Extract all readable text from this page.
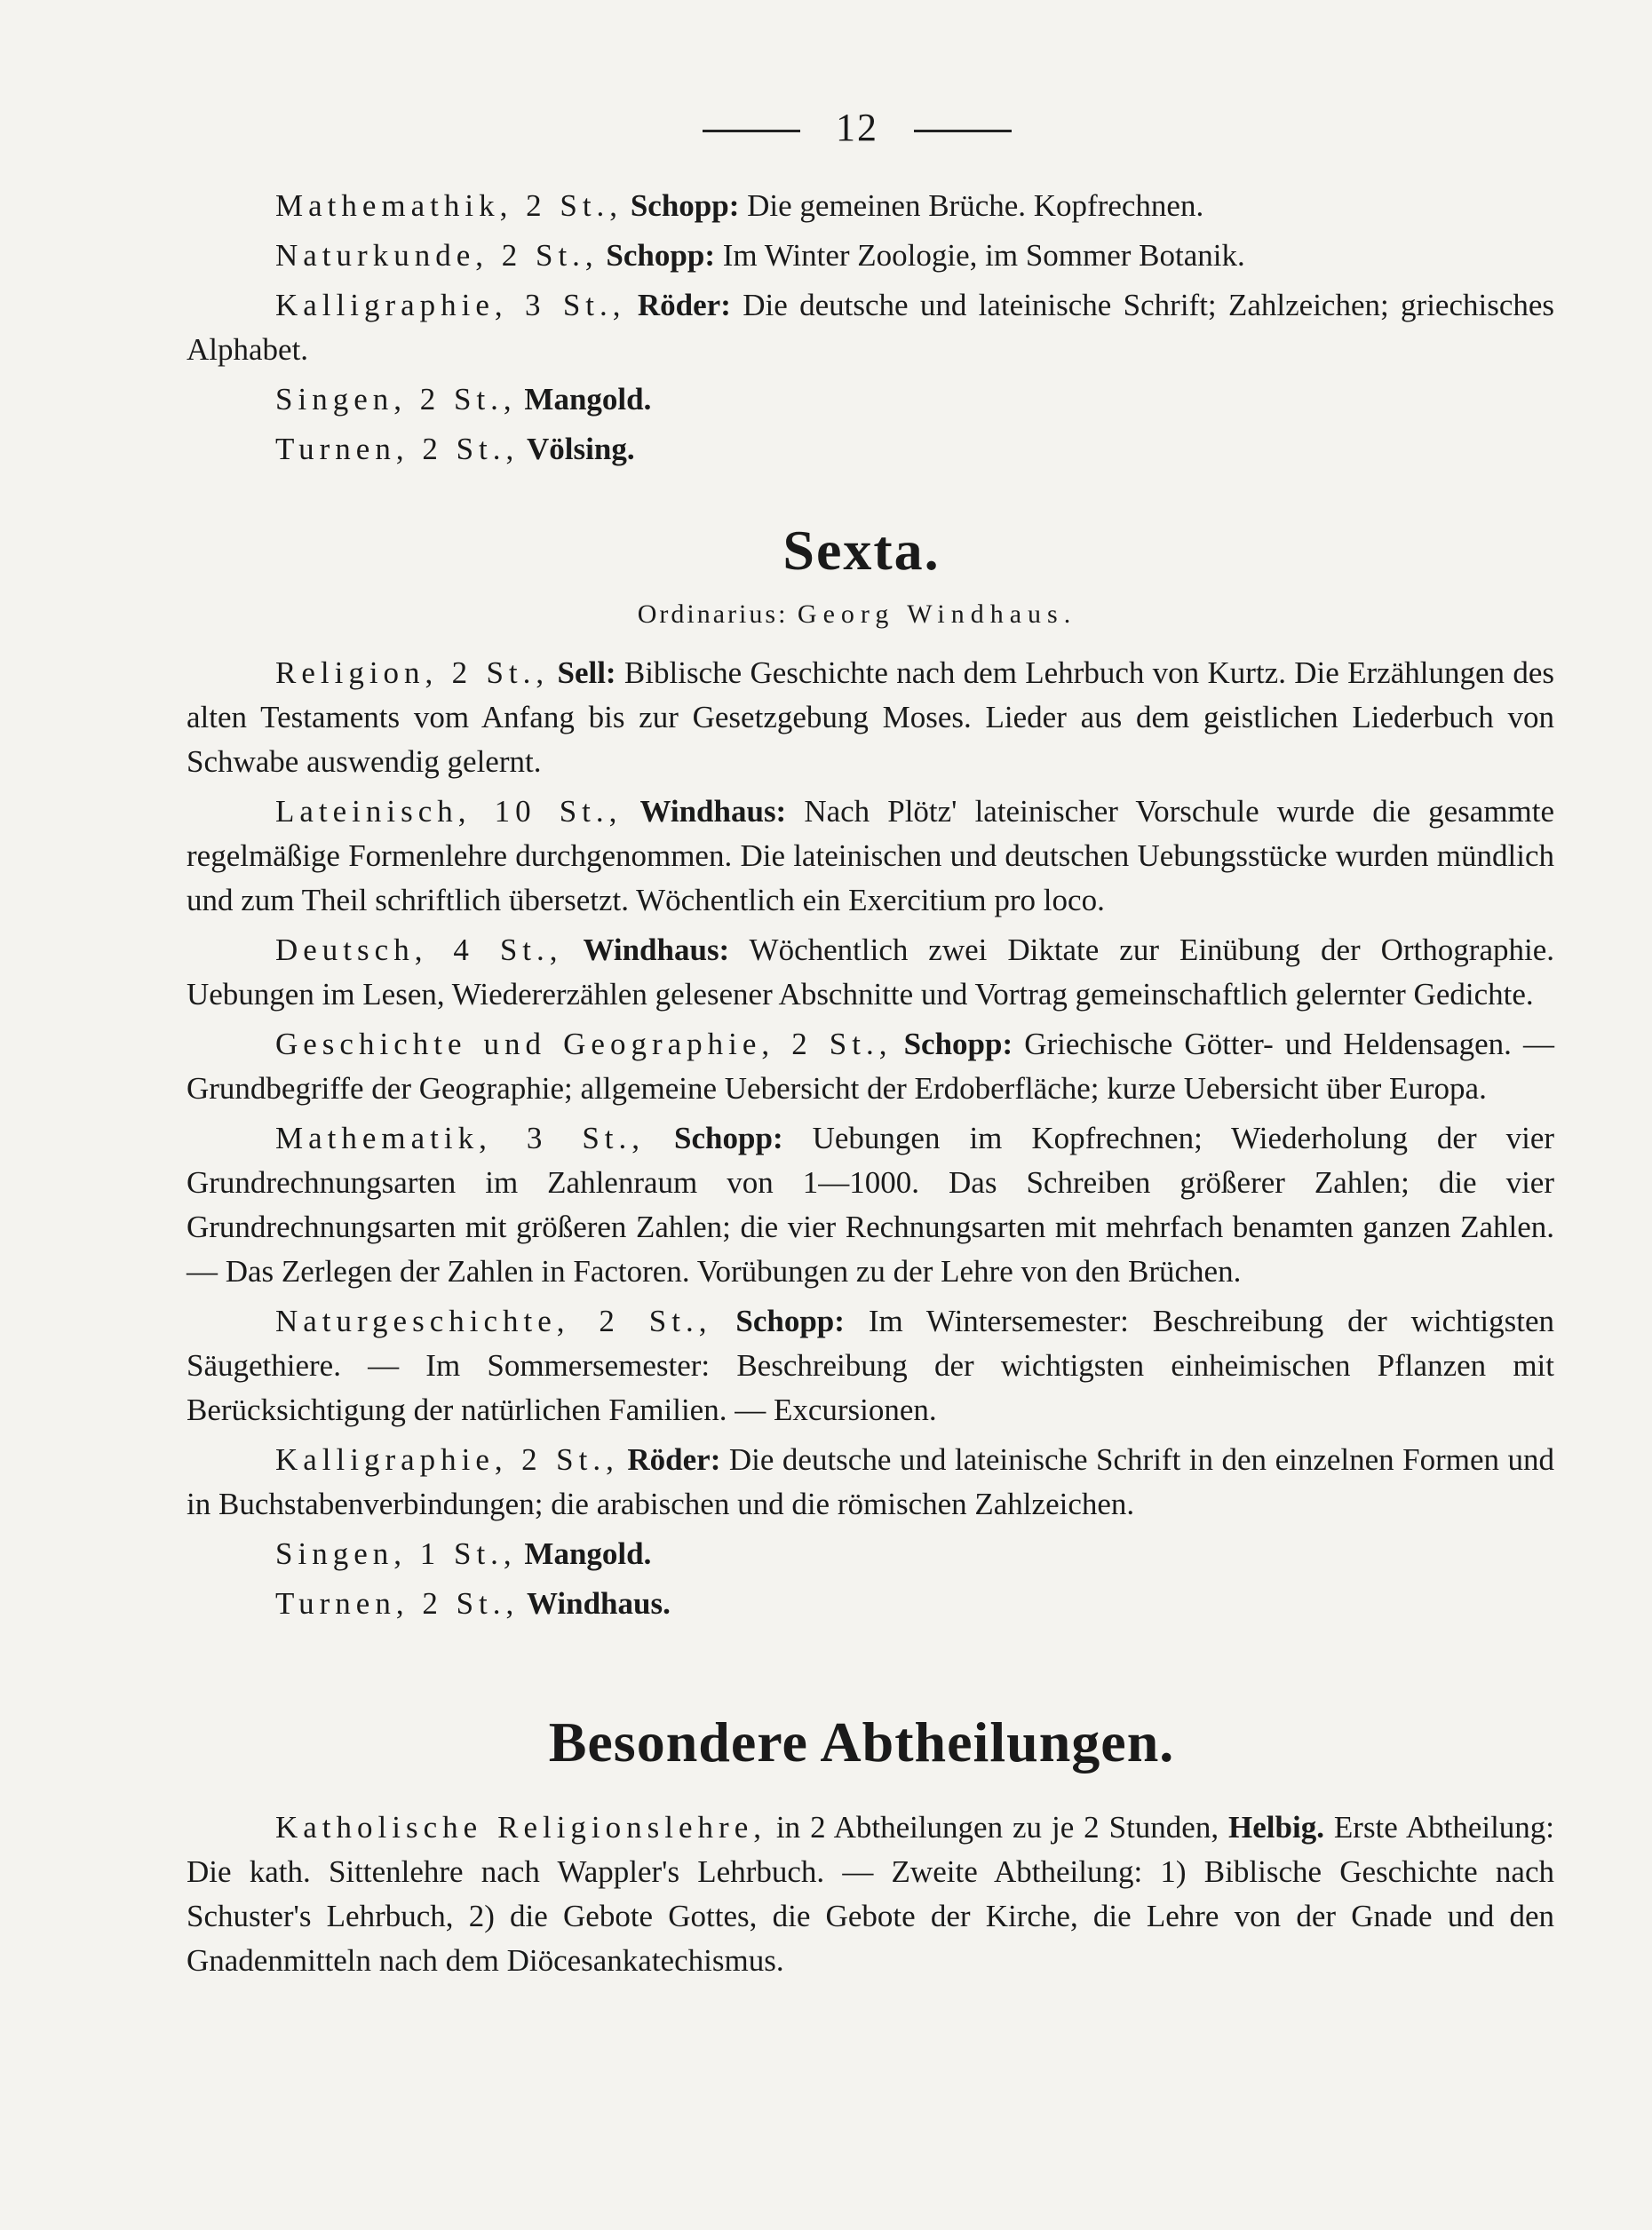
12

Mathemathik, 2 St., Schopp: Die gemeinen Brüche. Kopfrechnen.

Naturkunde, 2 St., Schopp: Im Winter Zoologie, im Sommer Botanik.

Kalligraphie, 3 St., Röder: Die deutsche und lateinische Schrift; Zahlzeichen; griechisches Alphabet.

Singen, 2 St., Mangold.

Turnen, 2 St., Völsing.

Sexta.
Ordinarius: Georg Windhaus.

Religion, 2 St., Sell: Biblische Geschichte nach dem Lehrbuch von Kurtz. Die Erzählungen des alten Testaments vom Anfang bis zur Gesetzgebung Moses. Lieder aus dem geistlichen Liederbuch von Schwabe auswendig gelernt.

Lateinisch, 10 St., Windhaus: Nach Plötz' lateinischer Vorschule wurde die gesammte regelmäßige Formenlehre durchgenommen. Die lateinischen und deutschen Uebungsstücke wurden mündlich und zum Theil schriftlich übersetzt. Wöchentlich ein Exercitium pro loco.

Deutsch, 4 St., Windhaus: Wöchentlich zwei Diktate zur Einübung der Orthographie. Uebungen im Lesen, Wiedererzählen gelesener Abschnitte und Vortrag gemeinschaftlich gelernter Gedichte.

Geschichte und Geographie, 2 St., Schopp: Griechische Götter- und Heldensagen. — Grundbegriffe der Geographie; allgemeine Uebersicht der Erdoberfläche; kurze Uebersicht über Europa.

Mathematik, 3 St., Schopp: Uebungen im Kopfrechnen; Wiederholung der vier Grundrechnungsarten im Zahlenraum von 1—1000. Das Schreiben größerer Zahlen; die vier Grundrechnungsarten mit größeren Zahlen; die vier Rechnungsarten mit mehrfach benamten ganzen Zahlen. — Das Zerlegen der Zahlen in Factoren. Vorübungen zu der Lehre von den Brüchen.

Naturgeschichte, 2 St., Schopp: Im Wintersemester: Beschreibung der wichtigsten Säugethiere. — Im Sommersemester: Beschreibung der wichtigsten einheimischen Pflanzen mit Berücksichtigung der natürlichen Familien. — Excursionen.

Kalligraphie, 2 St., Röder: Die deutsche und lateinische Schrift in den einzelnen Formen und in Buchstabenverbindungen; die arabischen und die römischen Zahlzeichen.

Singen, 1 St., Mangold.

Turnen, 2 St., Windhaus.

Besondere Abtheilungen.

Katholische Religionslehre, in 2 Abtheilungen zu je 2 Stunden, Helbig. Erste Abtheilung: Die kath. Sittenlehre nach Wappler's Lehrbuch. — Zweite Abtheilung: 1) Biblische Geschichte nach Schuster's Lehrbuch, 2) die Gebote Gottes, die Gebote der Kirche, die Lehre von der Gnade und den Gnadenmitteln nach dem Diöcesankatechismus.
